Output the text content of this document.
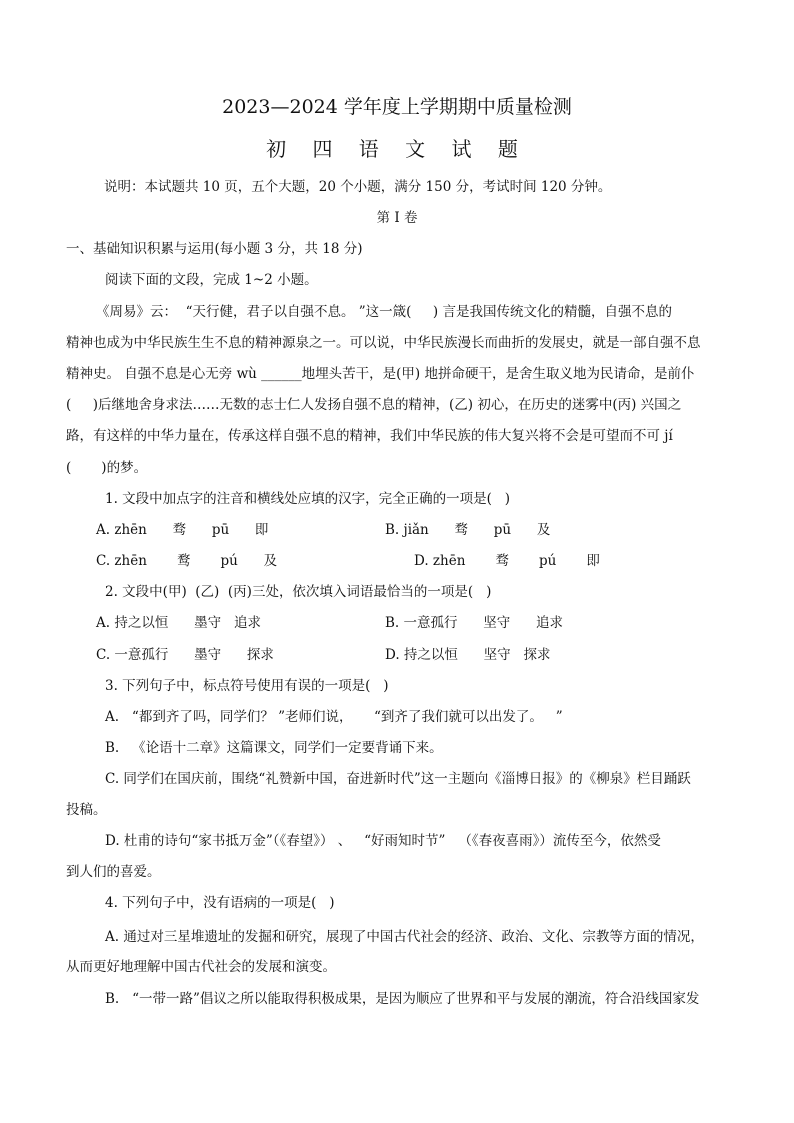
2023—2024 学年度上学期期中质量检测
初 四 语 文 试 题
说明：本试题共 10 页，五个大题，20 个小题，满分 150 分，考试时间 120 分钟。
第 Ⅰ 卷
一、基础知识积累与运用(每小题 3 分，共 18 分)
阅读下面的文段，完成 1~2 小题。
《周易》云：  “天行健，君子以自强不息。 ”这一箴(     ) 言是我国传统文化的精髓，自强不息的
精神也成为中华民族生生不息的精神源泉之一。可以说，中华民族漫长而曲折的发展史，就是一部自强不息
精神史。 自强不息是心无旁 wù ______地埋头苦干，是(甲) 地拼命硬干，是舍生取义地为民请命，是前仆
(     )后继地舍身求法……无数的志士仁人发扬自强不息的精神，(乙) 初心，在历史的迷雾中(丙) 兴国之
路，有这样的中华力量在，传承这样自强不息的精神，我们中华民族的伟大复兴将不会是可望而不可 jí
(       )的梦。
1. 文段中加点字的注音和横线处应填的汉字，完全正确的一项是(   )
A. zhēn      骛      pū      即	B. jiǎn      骛      pū      及
C. zhēn       鹜       pú      及	D. zhēn       骛       pú       即
2. 文段中(甲)  (乙)  (丙)三处，依次填入词语最恰当的一项是(   )
A. 持之以恒      墨守   追求	B. 一意孤行      坚守      追求
C. 一意孤行      墨守      探求	D. 持之以恒      坚守   探求
3. 下列句子中，标点符号使用有误的一项是(   )
A.   “都到齐了吗，同学们？ ”老师们说，     “到齐了我们就可以出发了。   ”
B.   《论语十二章》这篇课文，同学们一定要背诵下来。
C. 同学们在国庆前，围绕“礼赞新中国，奋进新时代”这一主题向《淄博日报》的《柳泉》栏目踊跃
投稿。
D. 杜甫的诗句“家书抵万金”（《春望》） 、   “好雨知时节”   （《春夜喜雨》）流传至今，依然受
到人们的喜爱。
4. 下列句子中，没有语病的一项是(   )
A. 通过对三星堆遗址的发掘和研究，展现了中国古代社会的经济、政治、文化、宗教等方面的情况，
从而更好地理解中国古代社会的发展和演变。
B.   “一带一路”倡议之所以能取得积极成果，是因为顺应了世界和平与发展的潮流，符合沿线国家发
